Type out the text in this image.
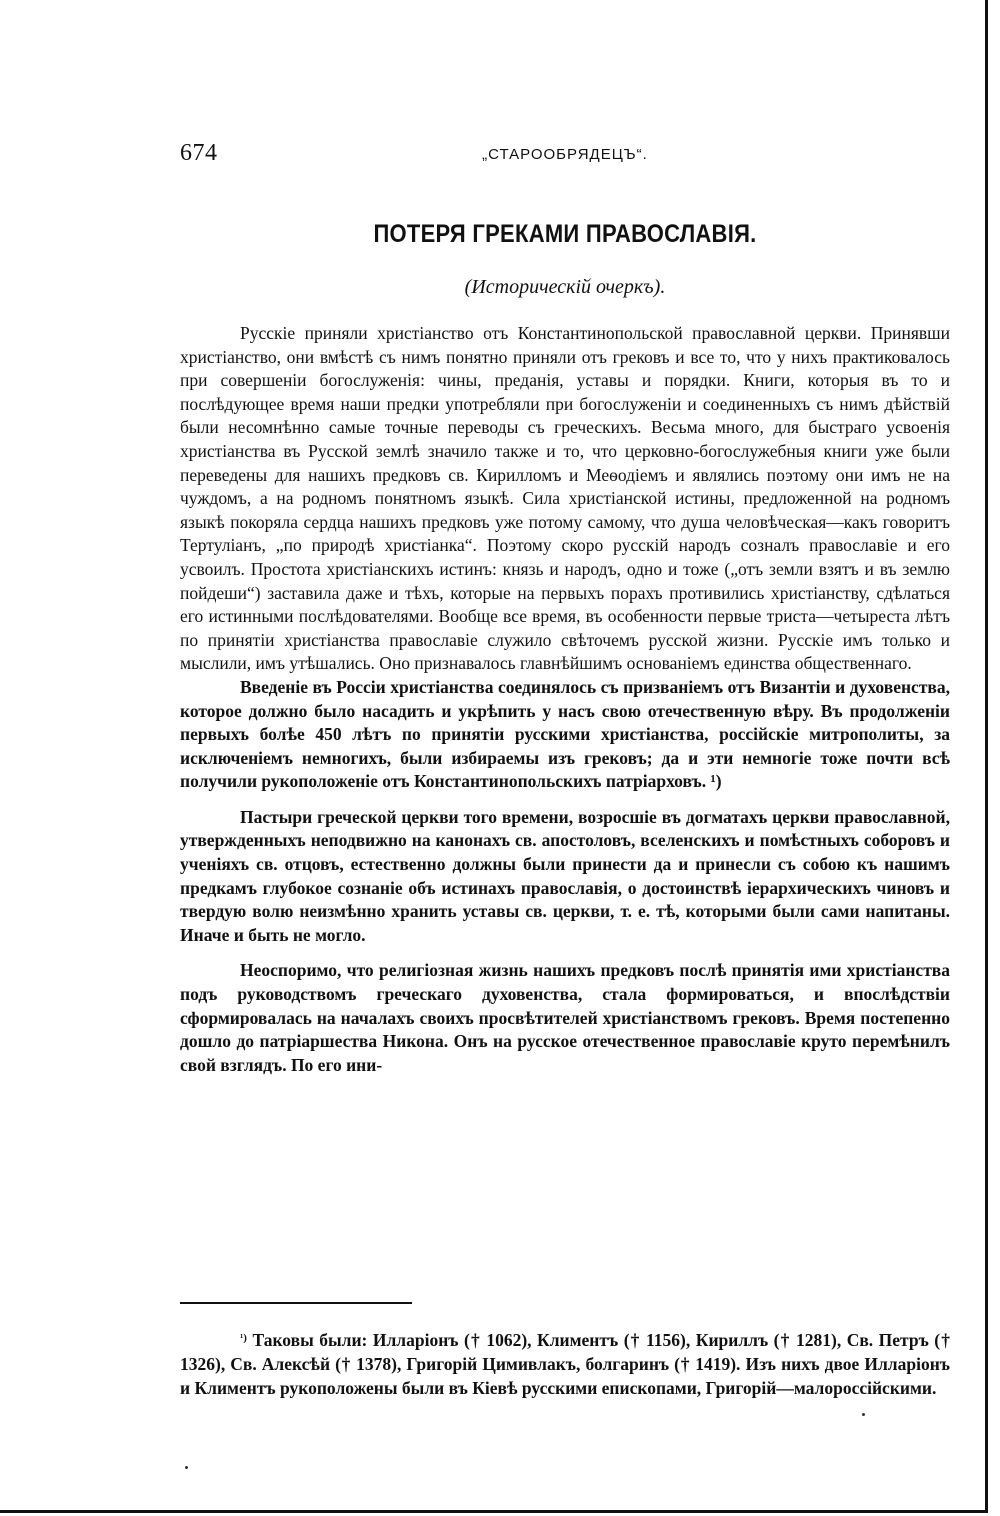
674	„СТАРООБРЯДЕЦЪ“.
ПОТЕРЯ ГРЕКАМИ ПРАВОСЛАВІЯ.
(Историческій очеркъ).

Русскіе приняли христіанство отъ Константинопольской православной церкви. Принявши христіанство, они вмѣстѣ съ нимъ понятно приняли отъ грековъ и все то, что у нихъ практиковалось при совершеніи богослуженія: чины, преданія, уставы и порядки. Книги, которыя въ то и послѣдующее время наши предки употребляли при богослуженіи и соединенныхъ съ нимъ дѣйствій были несомнѣнно самые точные переводы съ греческихъ. Весьма много, для быстраго усвоенія христіанства въ Русской землѣ значило также и то, что церковно-богослужебныя книги уже были переведены для нашихъ предковъ св. Кирилломъ и Меѳодіемъ и являлись поэтому они имъ не на чуждомъ, а на родномъ понятномъ языкѣ. Сила христіанской истины, предложенной на родномъ языкѣ покоряла сердца нашихъ предковъ уже потому самому, что душа человѣческая—какъ говоритъ Тертуліанъ, „по природѣ христіанка“. Поэтому скоро русскій народъ созналъ православіе и его усвоилъ. Простота христіанскихъ истинъ: князь и народъ, одно и тоже („отъ земли взятъ и въ землю пойдеши“) заставила даже и тѣхъ, которые на первыхъ порахъ противились христіанству, сдѣлаться его истинными послѣдователями. Вообще все время, въ особенности первые триста—четыреста лѣтъ по принятіи христіанства православіе служило свѣточемъ русской жизни. Русскіе имъ только и мыслили, имъ утѣшались. Оно признавалось главнѣйшимъ основаніемъ единства общественнаго.

Введеніе въ Россіи христіанства соединялось съ призваніемъ отъ Византіи и духовенства, которое должно было насадить и укрѣпить у насъ свою отечественную вѣру. Въ продолженіи первыхъ болѣе 450 лѣтъ по принятіи русскими христіанства, россійскіе митрополиты, за исключеніемъ немногихъ, были избираемы изъ грековъ; да и эти немногіе тоже почти всѣ получили рукоположеніе отъ Константинопольскихъ патріарховъ. ¹)

Пастыри греческой церкви того времени, возросшіе въ догматахъ церкви православной, утвержденныхъ неподвижно на канонахъ св. апостоловъ, вселенскихъ и помѣстныхъ соборовъ и ученіяхъ св. отцовъ, естественно должны были принести да и принесли съ собою къ нашимъ предкамъ глубокое сознаніе объ истинахъ православія, о достоинствѣ іерархическихъ чиновъ и твердую волю неизмѣнно хранить уставы св. церкви, т. е. тѣ, которыми были сами напитаны. Иначе и быть не могло.

Неоспоримо, что религіозная жизнь нашихъ предковъ послѣ принятія ими христіанства подъ руководствомъ греческаго духовенства, стала формироваться, и впослѣдствіи сформировалась на началахъ своихъ просвѣтителей христіанствомъ грековъ. Время постепенно дошло до патріаршества Никона. Онъ на русское отечественное православіе круто перемѣнилъ свой взглядъ. По его ини-

$^{^1)}$ Таковы были: Илларіонъ († 1062), Климентъ († 1156), Кириллъ († 1281), Св. Петръ († 1326), Св. Алексѣй († 1378), Григорій Цимивлакъ, болгаринъ († 1419). Изъ нихъ двое Илларіонъ и Климентъ рукоположены были въ Кіевѣ русскими епископами, Григорій—малороссійскими.
